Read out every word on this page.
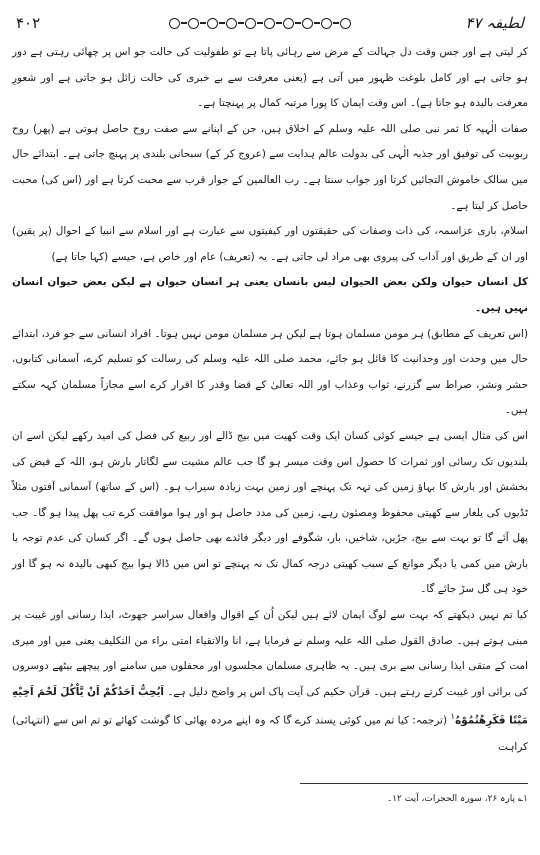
۴۰۲	لطیفہ ۴۷

کر لیتی ہے اور جس وقت دل جہالت کے مرض سے رہائی پاتا ہے تو طفولیت کی حالت جو اس پر چھائی رہتی ہے دور ہو جاتی ہے اور کامل بلوغت ظہور میں آتی ہے (یعنی معرفت سے بے خبری کی حالت زائل ہو جاتی ہے اور شعورِ معرفت بالیدہ ہو جاتا ہے)۔ اس وقت ایمان کا پورا مرتبہ کمال پر پہنچتا ہے۔

صفات الٰہیہ کا ثمر نبی صلی اللہ علیہ وسلم کے اخلاق ہیں، جن کے اپنانے سے صفت روح حاصل ہوتی ہے (پھر) روح ربوبیت کی توفیق اور جذبہ الٰہی کی بدولت عالم ہدایت سے (عروج کر کے) سبحانی بلندی پر پہنچ جاتی ہے۔ ابتدائے حال میں سالک خاموش التجائیں کرتا اور جواب سنتا ہے۔ رب العالمین کے جوار قرب سے محبت کرتا ہے اور (اس کی) محبت حاصل کر لیتا ہے۔

اسلام، باری عزاسمہ، کی ذات وصفات کی حقیقتوں اور کیفیتوں سے عبارت ہے اور اسلام سے انبیا کے احوال (پر یقین) اور ان کے طریق اور آداب کی پیروی بھی مراد لی جاتی ہے۔ یہ (تعریف) عام اور خاص ہے، جیسے (کہا جاتا ہے)

کل انسان حیوان ولکن بعض الحیوان لیس بانسان یعنی ہر انسان حیوان ہے لیکن بعض حیوان انسان نہیں ہیں۔

(اس تعریف کے مطابق) ہر مومن مسلمان ہوتا ہے لیکن ہر مسلمان مومن نہیں ہوتا۔ افراد انسانی سے جو فرد، ابتدائے حال میں وحدت اور وحدانیت کا قائل ہو جائے، محمد صلی اللہ علیہ وسلم کی رسالت کو تسلیم کرے، آسمانی کتابوں، حشر ونشر، صراط سے گزرنے، ثواب وعذاب اور اللہ تعالیٰ کے قضا وقدر کا اقرار کرے اسے مجازاً مسلمان کہہ سکتے ہیں۔

اس کی مثال ایسی ہے جیسے کوئی کسان ایک وقت کھیت میں بیج ڈالے اور ربیع کی فصل کی امید رکھے لیکن اسے ان بلندیوں تک رسائی اور ثمرات کا حصول اس وقت میسر ہو گا جب عالم مشیت سے لگاتار بارش ہو، اللہ کے فیض کی بخشش اور بارش کا بہاؤ زمین کی تہہ تک پہنچے اور زمین بہت زیادہ سیراب ہو۔ (اس کے ساتھ) آسمانی آفتوں مثلاً ٹڈیوں کی یلغار سے کھیتی محفوظ ومصئون رہے، زمین کی مدد حاصل ہو اور ہوا موافقت کرے تب پھل پیدا ہو گا۔ جب پھل آئے گا تو بہت سے بیج، جڑیں، شاخیں، بار، شگوفے اور دیگر فائدے بھی حاصل ہوں گے۔ اگر کسان کی عدم توجہ یا بارش میں کمی یا دیگر موانع کے سبب کھیتی درجہ کمال تک نہ پہنچے تو اس میں ڈالا ہوا بیج کبھی بالیدہ نہ ہو گا اور خود ہی گل سڑ جائے گا۔

کیا تم نہیں دیکھتے کہ بہت سے لوگ ایمان لائے ہیں لیکن اُن کے اقوال وافعال سراسر جھوٹ، ایذا رسانی اور غیبت پر مبنی ہوتے ہیں۔ صادق القول صلی اللہ علیہ وسلم نے فرمایا ہے، انا والاتقیاء امتی براء من التکلیف یعنی میں اور میری امت کے متقی ایذا رسانی سے بری ہیں۔ یہ ظاہری مسلمان مجلسوں اور محفلوں میں سامنے اور پیچھے بیٹھے دوسروں کی برائی اور غیبت کرتے رہتے ہیں۔ قرآن حکیم کی آیت پاک اس پر واضح دلیل ہے۔ اَیُحِبُّ اَحَدُکُمْ اَنْ یَّاْکُلَ لَحْمَ اَخِیْهِ مَیْتًا فَکَرِهْتُمُوْهُ$^۱$ (ترجمہ: کیا تم میں کوئی پسند کرے گا کہ وہ اپنے مردہ بھائی کا گوشت کھائے تو تم اس سے (انتہائی) کراہت

۱؎ پارہ ۲۶، سورہ الحجرات، آیت ۱۲۔
